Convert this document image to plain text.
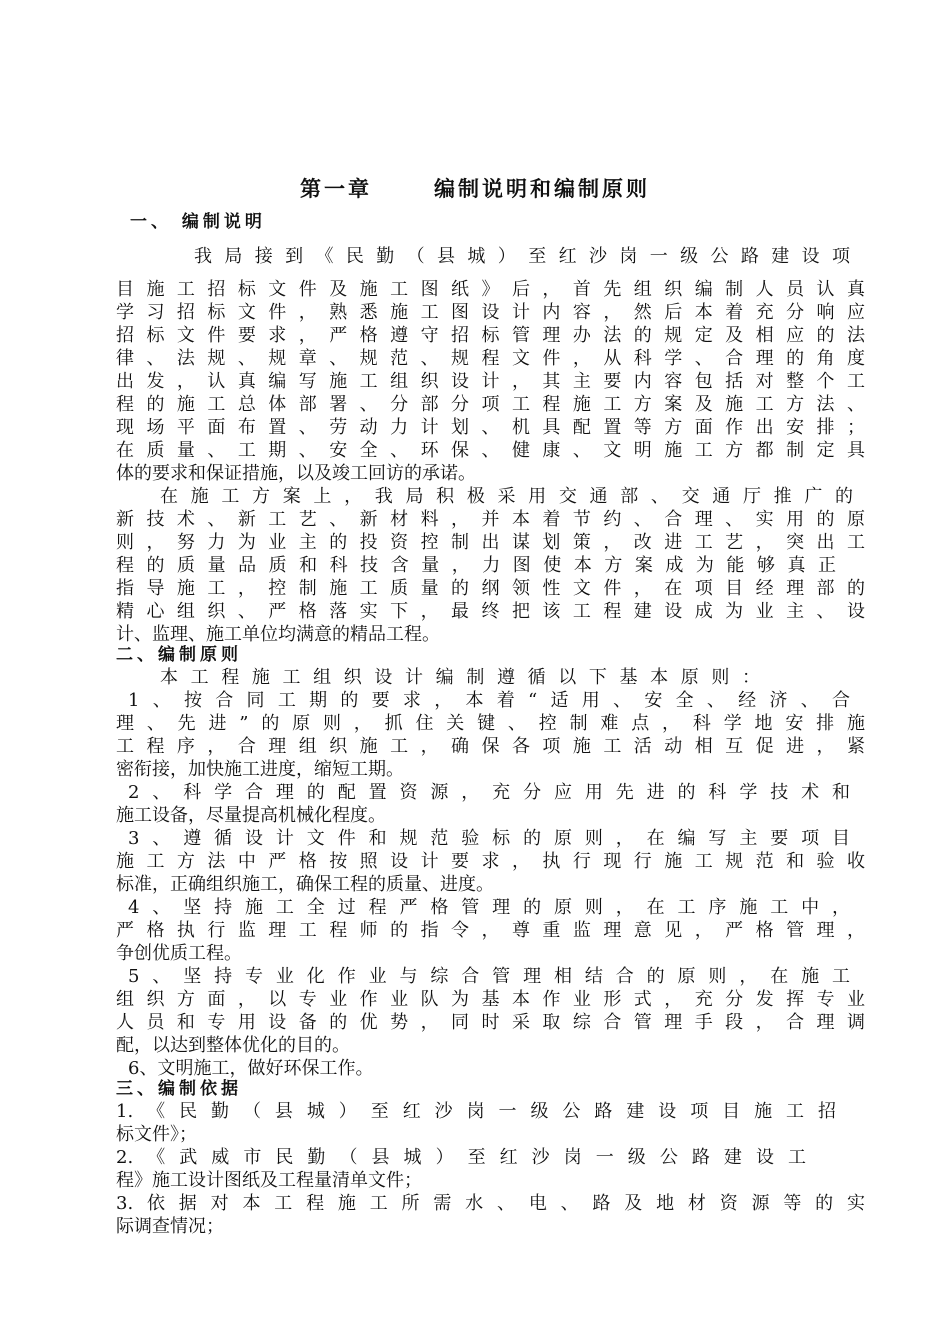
第一章	编制说明和编制原则
一、 编制说明
我局接到《民勤（县城）至红沙岗一级公路建设项
目施工招标文件及施工图纸》后，首先组织编制人员认真
学习招标文件，熟悉施工图设计内容，然后本着充分响应
招标文件要求，严格遵守招标管理办法的规定及相应的法
律、法规、规章、规范、规程文件，从科学、合理的角度
出发，认真编写施工组织设计，其主要内容包括对整个工
程的施工总体部署、分部分项工程施工方案及施工方法、
现场平面布置、劳动力计划、机具配置等方面作出安排；
在质量、工期、安全、环保、健康、文明施工方都制定具
体的要求和保证措施，以及竣工回访的承诺。
在施工方案上，我局积极采用交通部、交通厅推广的
新技术、新工艺、新材料，并本着节约、合理、实用的原
则，努力为业主的投资控制出谋划策，改进工艺，突出工
程的质量品质和科技含量，力图使本方案成为能够真正
指导施工，控制施工质量的纲领性文件，在项目经理部的
精心组织、严格落实下，最终把该工程建设成为业主、设
计、监理、施工单位均满意的精品工程。
二、编制原则
本工程施工组织设计编制遵循以下基本原则：
1、按合同工期的要求，本着“适用、安全、经济、合
理、先进”的原则，抓住关键、控制难点，科学地安排施
工程序，合理组织施工，确保各项施工活动相互促进，紧
密衔接，加快施工进度，缩短工期。
2、科学合理的配置资源，充分应用先进的科学技术和
施工设备，尽量提高机械化程度。
3、遵循设计文件和规范验标的原则，在编写主要项目
施工方法中严格按照设计要求，执行现行施工规范和验收
标准，正确组织施工，确保工程的质量、进度。
4、坚持施工全过程严格管理的原则，在工序施工中，
严格执行监理工程师的指令，尊重监理意见，严格管理，
争创优质工程。
5、坚持专业化作业与综合管理相结合的原则，在施工
组织方面，以专业作业队为基本作业形式，充分发挥专业
人员和专用设备的优势，同时采取综合管理手段，合理调
配，以达到整体优化的目的。
6、文明施工，做好环保工作。
三、编制依据
1.《民勤（县城）至红沙岗一级公路建设项目施工招
标文件》；
2.《武威市民勤（县城）至红沙岗一级公路建设工
程》施工设计图纸及工程量清单文件；
3.依据对本工程施工所需水、电、路及地材资源等的实
际调查情况；
